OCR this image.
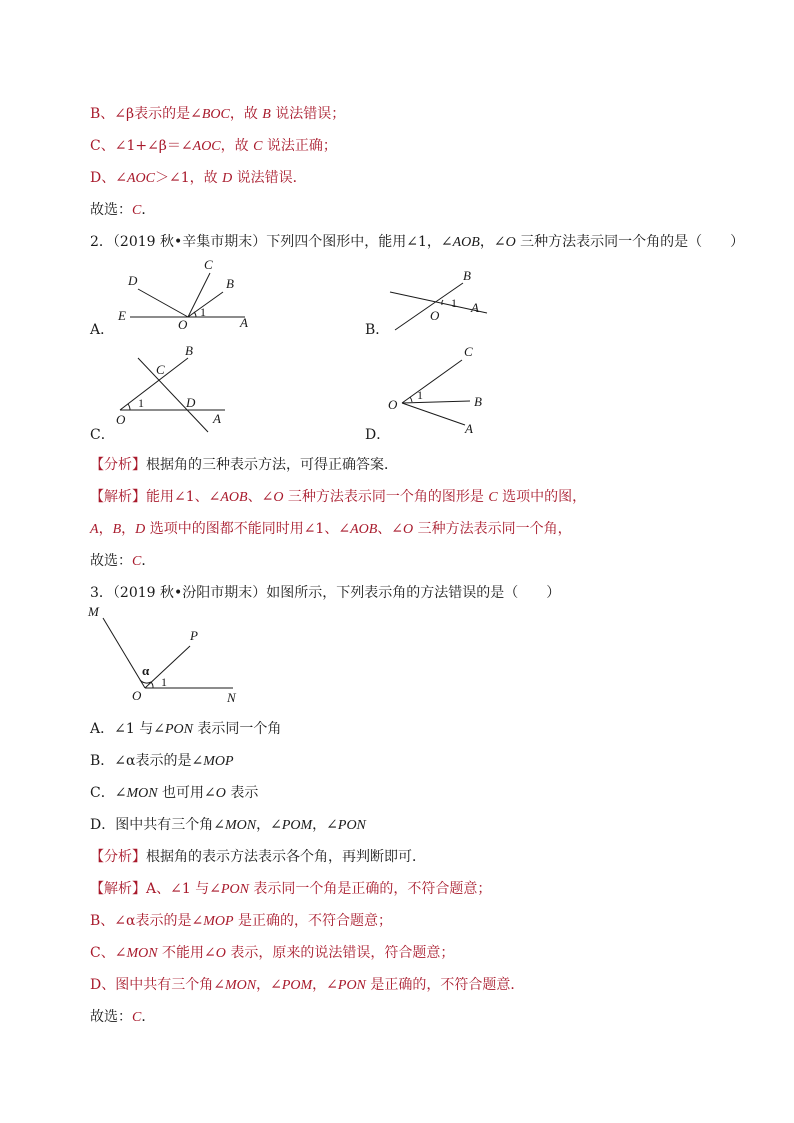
B、∠β表示的是∠BOC，故 B 说法错误；
C、∠1+∠β＝∠AOC，故 C 说法正确；
D、∠AOC＞∠1，故 D 说法错误．
故选：C．
2．（2019 秋•辛集市期末）下列四个图形中，能用∠1，∠AOB，∠O 三种方法表示同一个角的是（　　）
D
C
B
E
O
1
A
A．
B
1 A
O
B．
B
C
1	D
O	A
C．
C
O
1	B
A
D．
【分析】根据角的三种表示方法，可得正确答案．
【解析】能用∠1、∠AOB、∠O 三种方法表示同一个角的图形是 C 选项中的图，
A，B，D 选项中的图都不能同时用∠1、∠AOB、∠O 三种方法表示同一个角，
故选：C．
3．（2019 秋•汾阳市期末）如图所示，下列表示角的方法错误的是（　　）
M
P
α
O
1
N
A．∠1 与∠PON 表示同一个角
B．∠α表示的是∠MOP
C．∠MON 也可用∠O 表示
D．图中共有三个角∠MON，∠POM，∠PON
【分析】根据角的表示方法表示各个角，再判断即可．
【解析】A、∠1 与∠PON 表示同一个角是正确的，不符合题意；
B、∠α表示的是∠MOP 是正确的，不符合题意；
C、∠MON 不能用∠O 表示，原来的说法错误，符合题意；
D、图中共有三个角∠MON，∠POM，∠PON 是正确的，不符合题意．
故选：C．
